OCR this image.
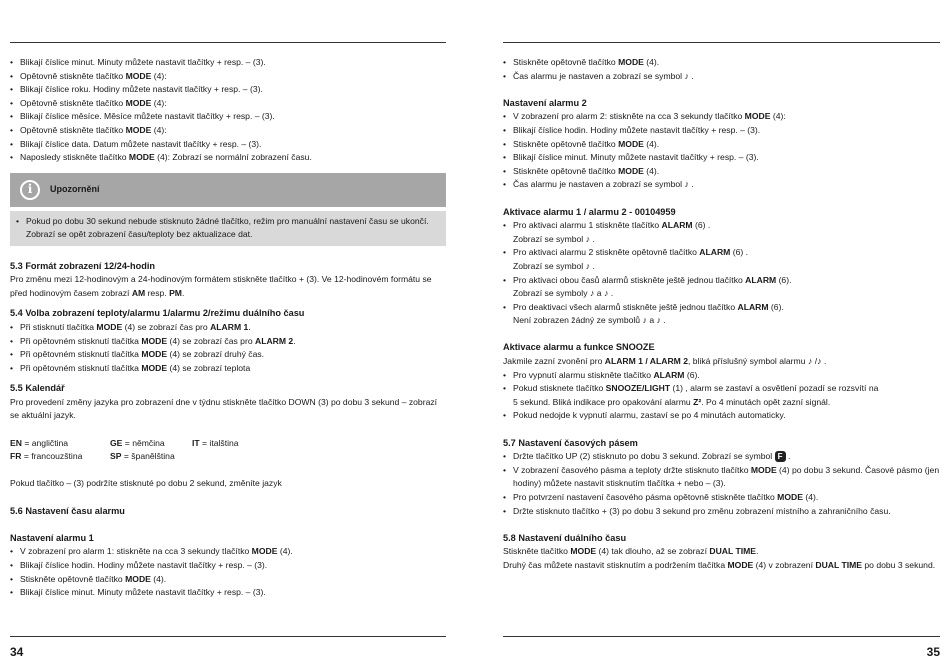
• Blikají číslice minut. Minuty můžete nastavit tlačítky + resp. – (3).
• Opětovně stiskněte tlačítko MODE (4):
• Blikají číslice roku. Hodiny můžete nastavit tlačítky + resp. – (3).
• Opětovně stiskněte tlačítko MODE (4):
• Blikají číslice měsíce. Měsíce můžete nastavit tlačítky + resp. – (3).
• Opětovně stiskněte tlačítko MODE (4):
• Blikají číslice data. Datum můžete nastavit tlačítky + resp. – (3).
• Naposledy stiskněte tlačítko MODE (4): Zobrazí se normální zobrazení času.
i	Upozornění
• Pokud po dobu 30 sekund nebude stisknuto žádné tlačítko, režim pro manuální nastavení času se ukončí. Zobrazí se opět zobrazení času/teploty bez aktualizace dat.
5.3 Formát zobrazení 12/24-hodin

Pro změnu mezi 12-hodinovým a 24-hodinovým formátem stiskněte tlačítko + (3). Ve 12-hodinovém formátu se před hodinovým časem zobrazí AM resp. PM.

5.4 Volba zobrazení teploty/alarmu 1/alarmu 2/režimu duálního času
• Při stisknutí tlačítka MODE (4) se zobrazí čas pro ALARM 1.
• Při opětovném stisknutí tlačítka MODE (4) se zobrazí čas pro ALARM 2.
• Při opětovném stisknutí tlačítka MODE (4) se zobrazí druhý čas.
• Při opětovném stisknutí tlačítka MODE (4) se zobrazí teplota
5.5 Kalendář

Pro provedení změny jazyka pro zobrazení dne v týdnu stiskněte tlačítko DOWN (3) po dobu 3 sekund – zobrazí se aktuální jazyk.

EN = angličtina	GE = němčina	IT = italština
FR = francouzština	SP = španělština

Pokud tlačítko – (3) podržíte stisknuté po dobu 2 sekund, změníte jazyk

5.6 Nastavení času alarmu
Nastavení alarmu 1
• V zobrazení pro alarm 1: stiskněte na cca 3 sekundy tlačítko MODE (4).
• Blikají číslice hodin. Hodiny můžete nastavit tlačítky + resp. – (3).
• Stiskněte opětovně tlačítko MODE (4).
• Blikají číslice minut. Minuty můžete nastavit tlačítky + resp. – (3).
34
• Stiskněte opětovně tlačítko MODE (4).
• Čas alarmu je nastaven a zobrazí se symbol ♪ .
Nastavení alarmu 2
• V zobrazení pro alarm 2: stiskněte na cca 3 sekundy tlačítko MODE (4):
• Blikají číslice hodin. Hodiny můžete nastavit tlačítky + resp. – (3).
• Stiskněte opětovně tlačítko MODE (4).
• Blikají číslice minut. Minuty můžete nastavit tlačítky + resp. – (3).
• Stiskněte opětovně tlačítko MODE (4).
• Čas alarmu je nastaven a zobrazí se symbol ♪ .
Aktivace alarmu 1 / alarmu 2 - 00104959
• Pro aktivaci alarmu 1 stiskněte tlačítko ALARM (6) .

Zobrazí se symbol ♪ .

• Pro aktivaci alarmu 2 stiskněte opětovně tlačítko ALARM (6) .

Zobrazí se symbol ♪ .

• Pro aktivaci obou časů alarmů stiskněte ještě jednou tlačítko ALARM (6).

Zobrazí se symboly ♪ a ♪ .

• Pro deaktivaci všech alarmů stiskněte ještě jednou tlačítko ALARM (6).

Není zobrazen žádný ze symbolů ♪ a ♪ .

Aktivace alarmu a funkce SNOOZE

Jakmile zazní zvonění pro ALARM 1 / ALARM 2, bliká příslušný symbol alarmu ♪ /♪ .

• Pro vypnutí alarmu stiskněte tlačítko ALARM (6).
• Pokud stisknete tlačítko SNOOZE/LIGHT (1) , alarm se zastaví a osvětlení pozadí se rozsvítí na
5 sekund. Bliká indikace pro opakování alarmu Z². Po 4 minutách opět zazní signál.
• Pokud nedojde k vypnutí alarmu, zastaví se po 4 minutách automaticky.
5.7 Nastavení časových pásem
• Držte tlačítko UP (2) stisknuto po dobu 3 sekund. Zobrazí se symbol F .
• V zobrazení časového pásma a teploty držte stisknuto tlačítko MODE (4) po dobu 3 sekund. Časové pásmo (jen hodiny) můžete nastavit stisknutím tlačítka + nebo – (3).
• Pro potvrzení nastavení časového pásma opětovně stiskněte tlačítko MODE (4).
• Držte stisknuto tlačítko + (3) po dobu 3 sekund pro změnu zobrazení místního a zahraničního času.
5.8 Nastavení duálního času

Stiskněte tlačítko MODE (4) tak dlouho, až se zobrazí DUAL TIME.

Druhý čas můžete nastavit stisknutím a podržením tlačítka MODE (4) v zobrazení DUAL TIME po dobu 3 sekund.

35
